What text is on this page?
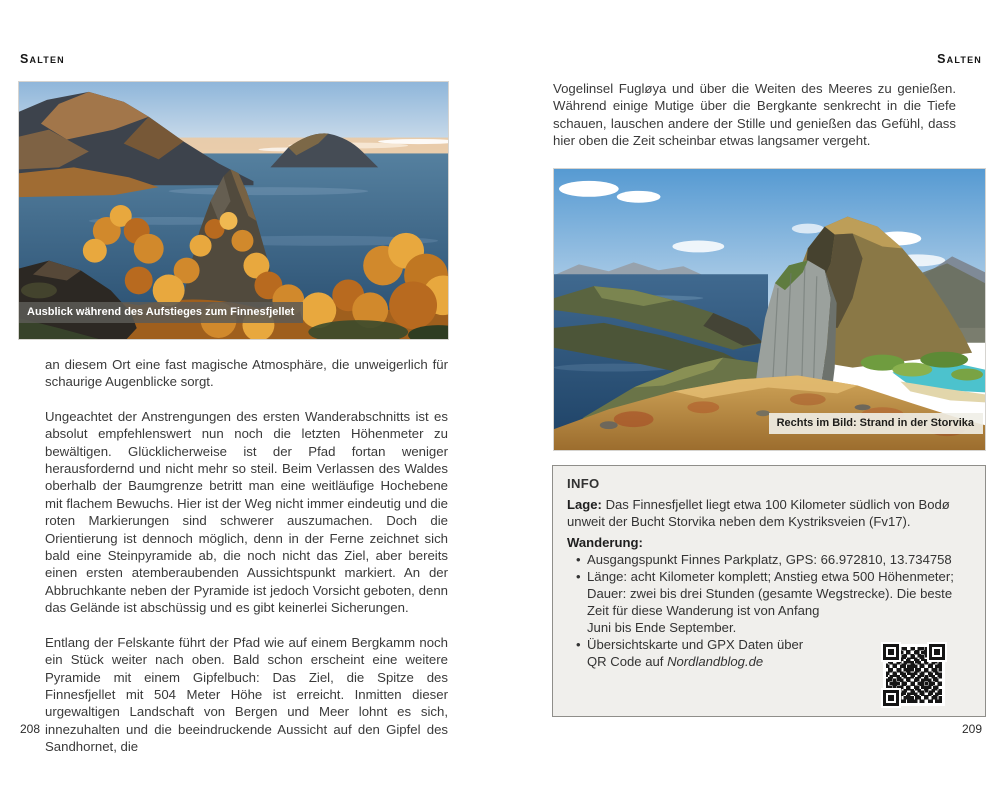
Salten
Ausblick während des Aufstieges zum Finnesfjellet

an diesem Ort eine fast magische Atmosphäre, die unweigerlich für schaurige Augenblicke sorgt.

Ungeachtet der Anstrengungen des ersten Wanderabschnitts ist es absolut empfehlenswert nun noch die letzten Höhenmeter zu bewältigen. Glücklicherweise ist der Pfad fortan weniger herausfordernd und nicht mehr so steil. Beim Verlassen des Waldes oberhalb der Baumgrenze betritt man eine weitläufige Hochebene mit flachem Bewuchs. Hier ist der Weg nicht immer eindeutig und die roten Markierungen sind schwerer auszumachen. Doch die Orientierung ist dennoch möglich, denn in der Ferne zeichnet sich bald eine Steinpyramide ab, die noch nicht das Ziel, aber bereits einen ersten atemberaubenden Aussichtspunkt markiert. An der Abbruchkante neben der Pyramide ist jedoch Vorsicht geboten, denn das Gelände ist abschüssig und es gibt keinerlei Sicherungen.

Entlang der Felskante führt der Pfad wie auf einem Bergkamm noch ein Stück weiter nach oben. Bald schon erscheint eine weitere Pyramide mit einem Gipfelbuch: Das Ziel, die Spitze des Finnesfjellet mit 504 Meter Höhe ist erreicht. Inmitten dieser urgewaltigen Landschaft von Bergen und Meer lohnt es sich, innezuhalten und die beeindruckende Aussicht auf den Gipfel des Sandhornet, die

208
Salten

Vogelinsel Fugløya und über die Weiten des Meeres zu genießen. Während einige Mutige über die Bergkante senkrecht in die Tiefe schauen, lauschen andere der Stille und genießen das Gefühl, dass hier oben die Zeit scheinbar etwas langsamer vergeht.

Rechts im Bild: Strand in der Storvika

INFO

Lage: Das Finnesfjellet liegt etwa 100 Kilometer südlich von Bodø unweit der Bucht Storvika neben dem Kystriksveien (Fv17).

Wanderung:

• Ausgangspunkt Finnes Parkplatz, GPS: 66.972810, 13.734758
• Länge: acht Kilometer komplett; Anstieg etwa 500 Höhenmeter; Dauer: zwei bis drei Stunden (gesamte Wegstrecke). Die beste Zeit für diese Wanderung ist von Anfang Juni bis Ende September.
• Übersichtskarte und GPX Daten über QR Code auf Nordlandblog.de
209
